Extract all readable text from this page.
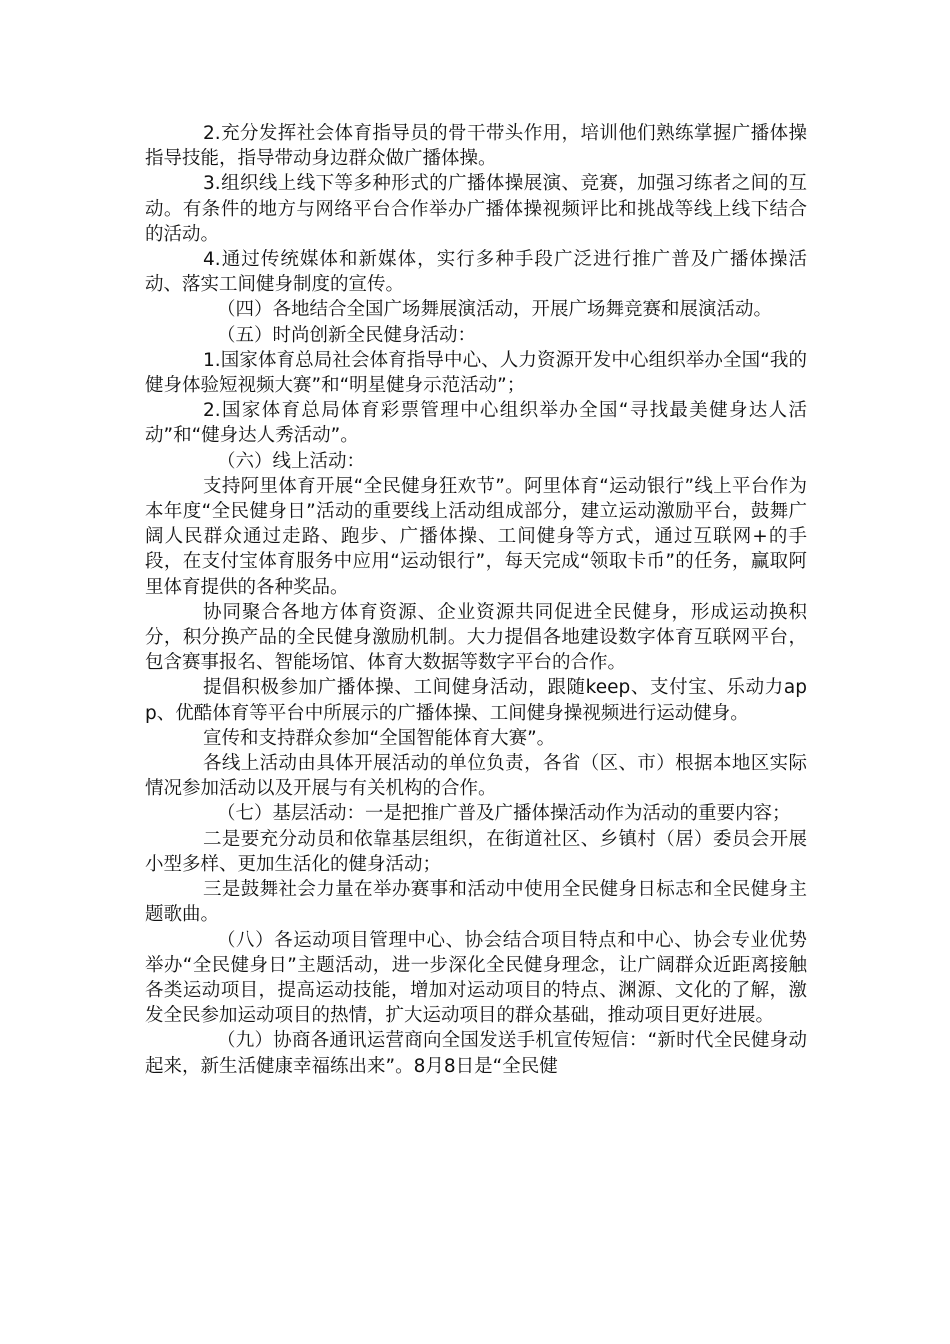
2.充分发挥社会体育指导员的骨干带头作用，培训他们熟练掌握广播体操指导技能，指导带动身边群众做广播体操。

3.组织线上线下等多种形式的广播体操展演、竞赛，加强习练者之间的互动。有条件的地方与网络平台合作举办广播体操视频评比和挑战等线上线下结合的活动。

4.通过传统媒体和新媒体，实行多种手段广泛进行推广普及广播体操活动、落实工间健身制度的宣传。

（四）各地结合全国广场舞展演活动，开展广场舞竞赛和展演活动。

（五）时尚创新全民健身活动：

1.国家体育总局社会体育指导中心、人力资源开发中心组织举办全国“我的健身体验短视频大赛”和“明星健身示范活动”；

2.国家体育总局体育彩票管理中心组织举办全国“寻找最美健身达人活动”和“健身达人秀活动”。

（六）线上活动：

支持阿里体育开展“全民健身狂欢节”。阿里体育“运动银行”线上平台作为本年度“全民健身日”活动的重要线上活动组成部分，建立运动激励平台，鼓舞广阔人民群众通过走路、跑步、广播体操、工间健身等方式，通过互联网+的手段，在支付宝体育服务中应用“运动银行”，每天完成“领取卡币”的任务，赢取阿里体育提供的各种奖品。

协同聚合各地方体育资源、企业资源共同促进全民健身，形成运动换积分，积分换产品的全民健身激励机制。大力提倡各地建设数字体育互联网平台，包含赛事报名、智能场馆、体育大数据等数字平台的合作。

提倡积极参加广播体操、工间健身活动，跟随keep、支付宝、乐动力app、优酷体育等平台中所展示的广播体操、工间健身操视频进行运动健身。

宣传和支持群众参加“全国智能体育大赛”。

各线上活动由具体开展活动的单位负责，各省（区、市）根据本地区实际情况参加活动以及开展与有关机构的合作。

（七）基层活动：一是把推广普及广播体操活动作为活动的重要内容；

二是要充分动员和依靠基层组织，在街道社区、乡镇村（居）委员会开展小型多样、更加生活化的健身活动；

三是鼓舞社会力量在举办赛事和活动中使用全民健身日标志和全民健身主题歌曲。

（八）各运动项目管理中心、协会结合项目特点和中心、协会专业优势举办“全民健身日”主题活动，进一步深化全民健身理念，让广阔群众近距离接触各类运动项目，提高运动技能，增加对运动项目的特点、渊源、文化的了解，激发全民参加运动项目的热情，扩大运动项目的群众基础，推动项目更好进展。

（九）协商各通讯运营商向全国发送手机宣传短信：“新时代全民健身动起来，新生活健康幸福练出来”。8月8日是“全民健
